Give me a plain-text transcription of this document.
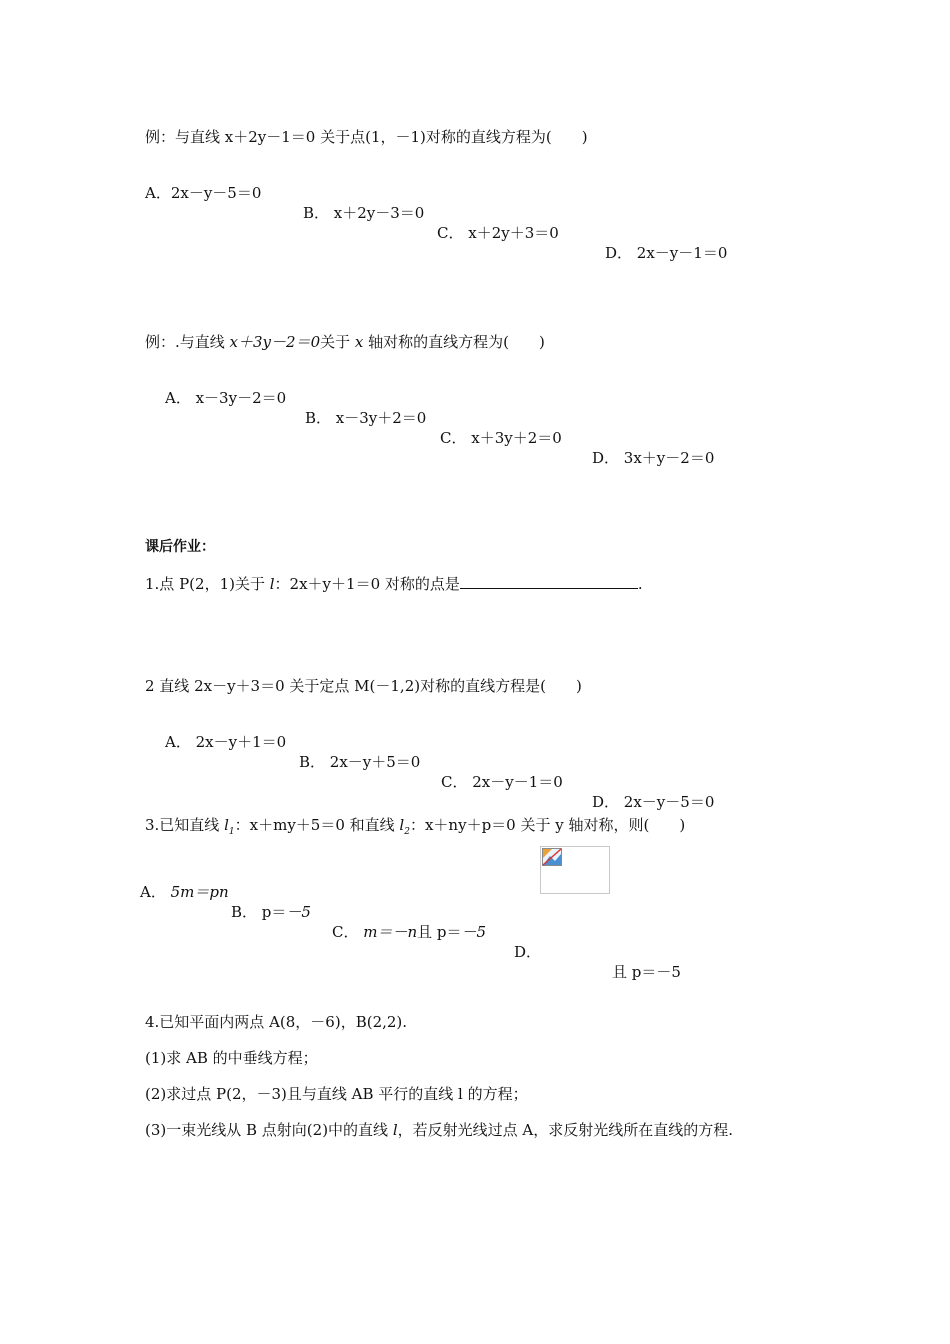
例：与直线 x＋2y－1＝0 关于点(1，－1)对称的直线方程为(　　)

A．2x－y－5＝0

B． x＋2y－3＝0

C． x＋2y＋3＝0

D． 2x－y－1＝0

例：.与直线 x＋3y－2＝0关于 x 轴对称的直线方程为(　　)

A． x－3y－2＝0

B． x－3y＋2＝0

C． x＋3y＋2＝0

D． 3x＋y－2＝0

课后作业：
1.点 P(2，1)关于 l：2x＋y＋1＝0 对称的点是	.
2 直线 2x－y＋3＝0 关于定点 M(－1,2)对称的直线方程是(　　)

A． 2x－y＋1＝0

B． 2x－y＋5＝0

C． 2x－y－1＝0

D． 2x－y－5＝0

3.已知直线 $l_1$：x＋my＋5＝0 和直线 $l_2$：x＋ny＋p＝0 关于 y 轴对称，则(　　)

A． 5m＝pn

B． p＝－5

C． m＝－n且 p＝－5

D．

且 p＝－5

4.已知平面内两点 A(8，－6)，B(2,2).
(1)求 AB 的中垂线方程；
(2)求过点 P(2，－3)且与直线 AB 平行的直线 l 的方程；
(3)一束光线从 B 点射向(2)中的直线 l，若反射光线过点 A，求反射光线所在直线的方程.
